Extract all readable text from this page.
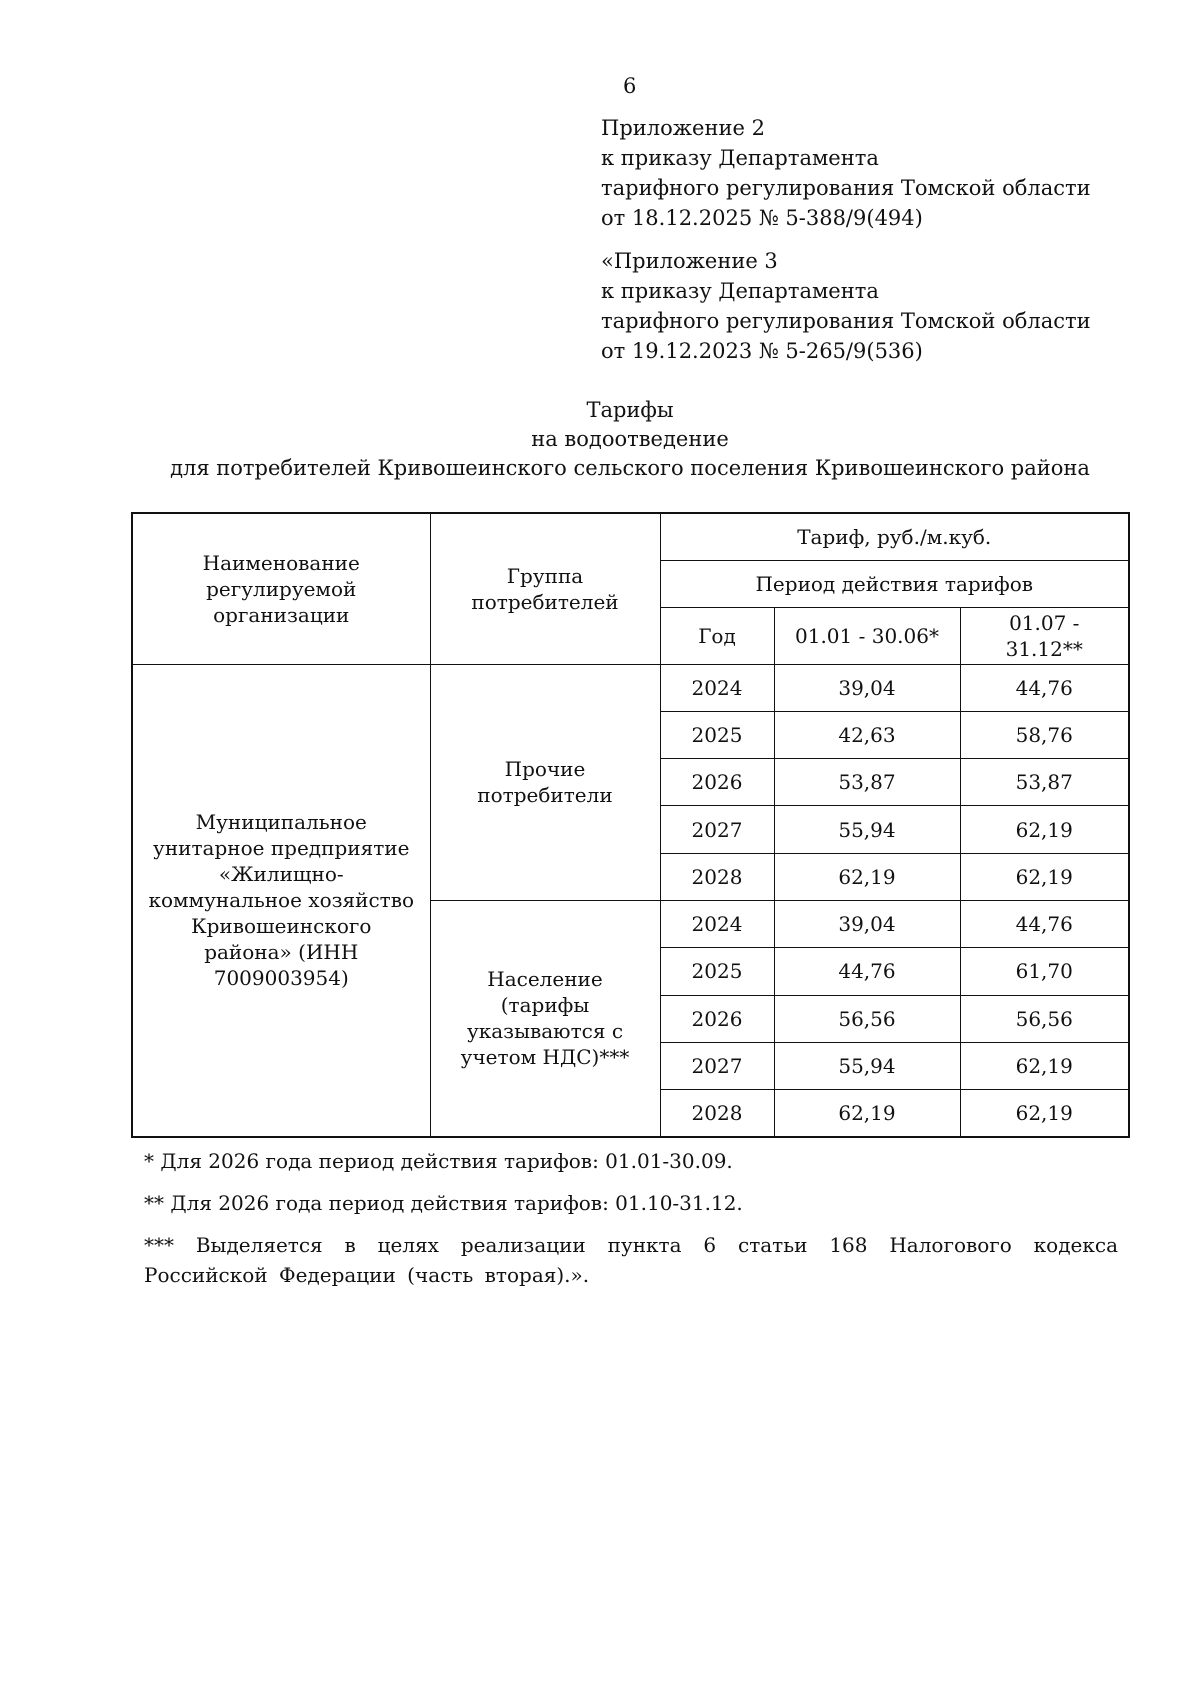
6
Приложение 2
к приказу Департамента
тарифного регулирования Томской области
от 18.12.2025 № 5-388/9(494)
«Приложение 3
к приказу Департамента
тарифного регулирования Томской области
от 19.12.2023 № 5-265/9(536)
Тарифы
на водоотведение
для потребителей Кривошеинского сельского поселения Кривошеинского района
Наименование регулируемой организации	Группа потребителей	Тариф, руб./м.куб.		
		Период действия тарифов		
		Год	01.01 - 30.06*	01.07 - 31.12**
Муниципальное унитарное предприятие «Жилищно-коммунальное хозяйство Кривошеинского района» (ИНН 7009003954)	Прочие потребители	2024	39,04	44,76
		2025	42,63	58,76
		2026	53,87	53,87
		2027	55,94	62,19
		2028	62,19	62,19
	Население (тарифы указываются с учетом НДС)***	2024	39,04	44,76
		2025	44,76	61,70
		2026	56,56	56,56
		2027	55,94	62,19
		2028	62,19	62,19

* Для 2026 года период действия тарифов: 01.01-30.09.

** Для 2026 года период действия тарифов: 01.10-31.12.

*** Выделяется в целях реализации пункта 6 статьи 168 Налогового кодекса Российской Федерации (часть вторая).».
